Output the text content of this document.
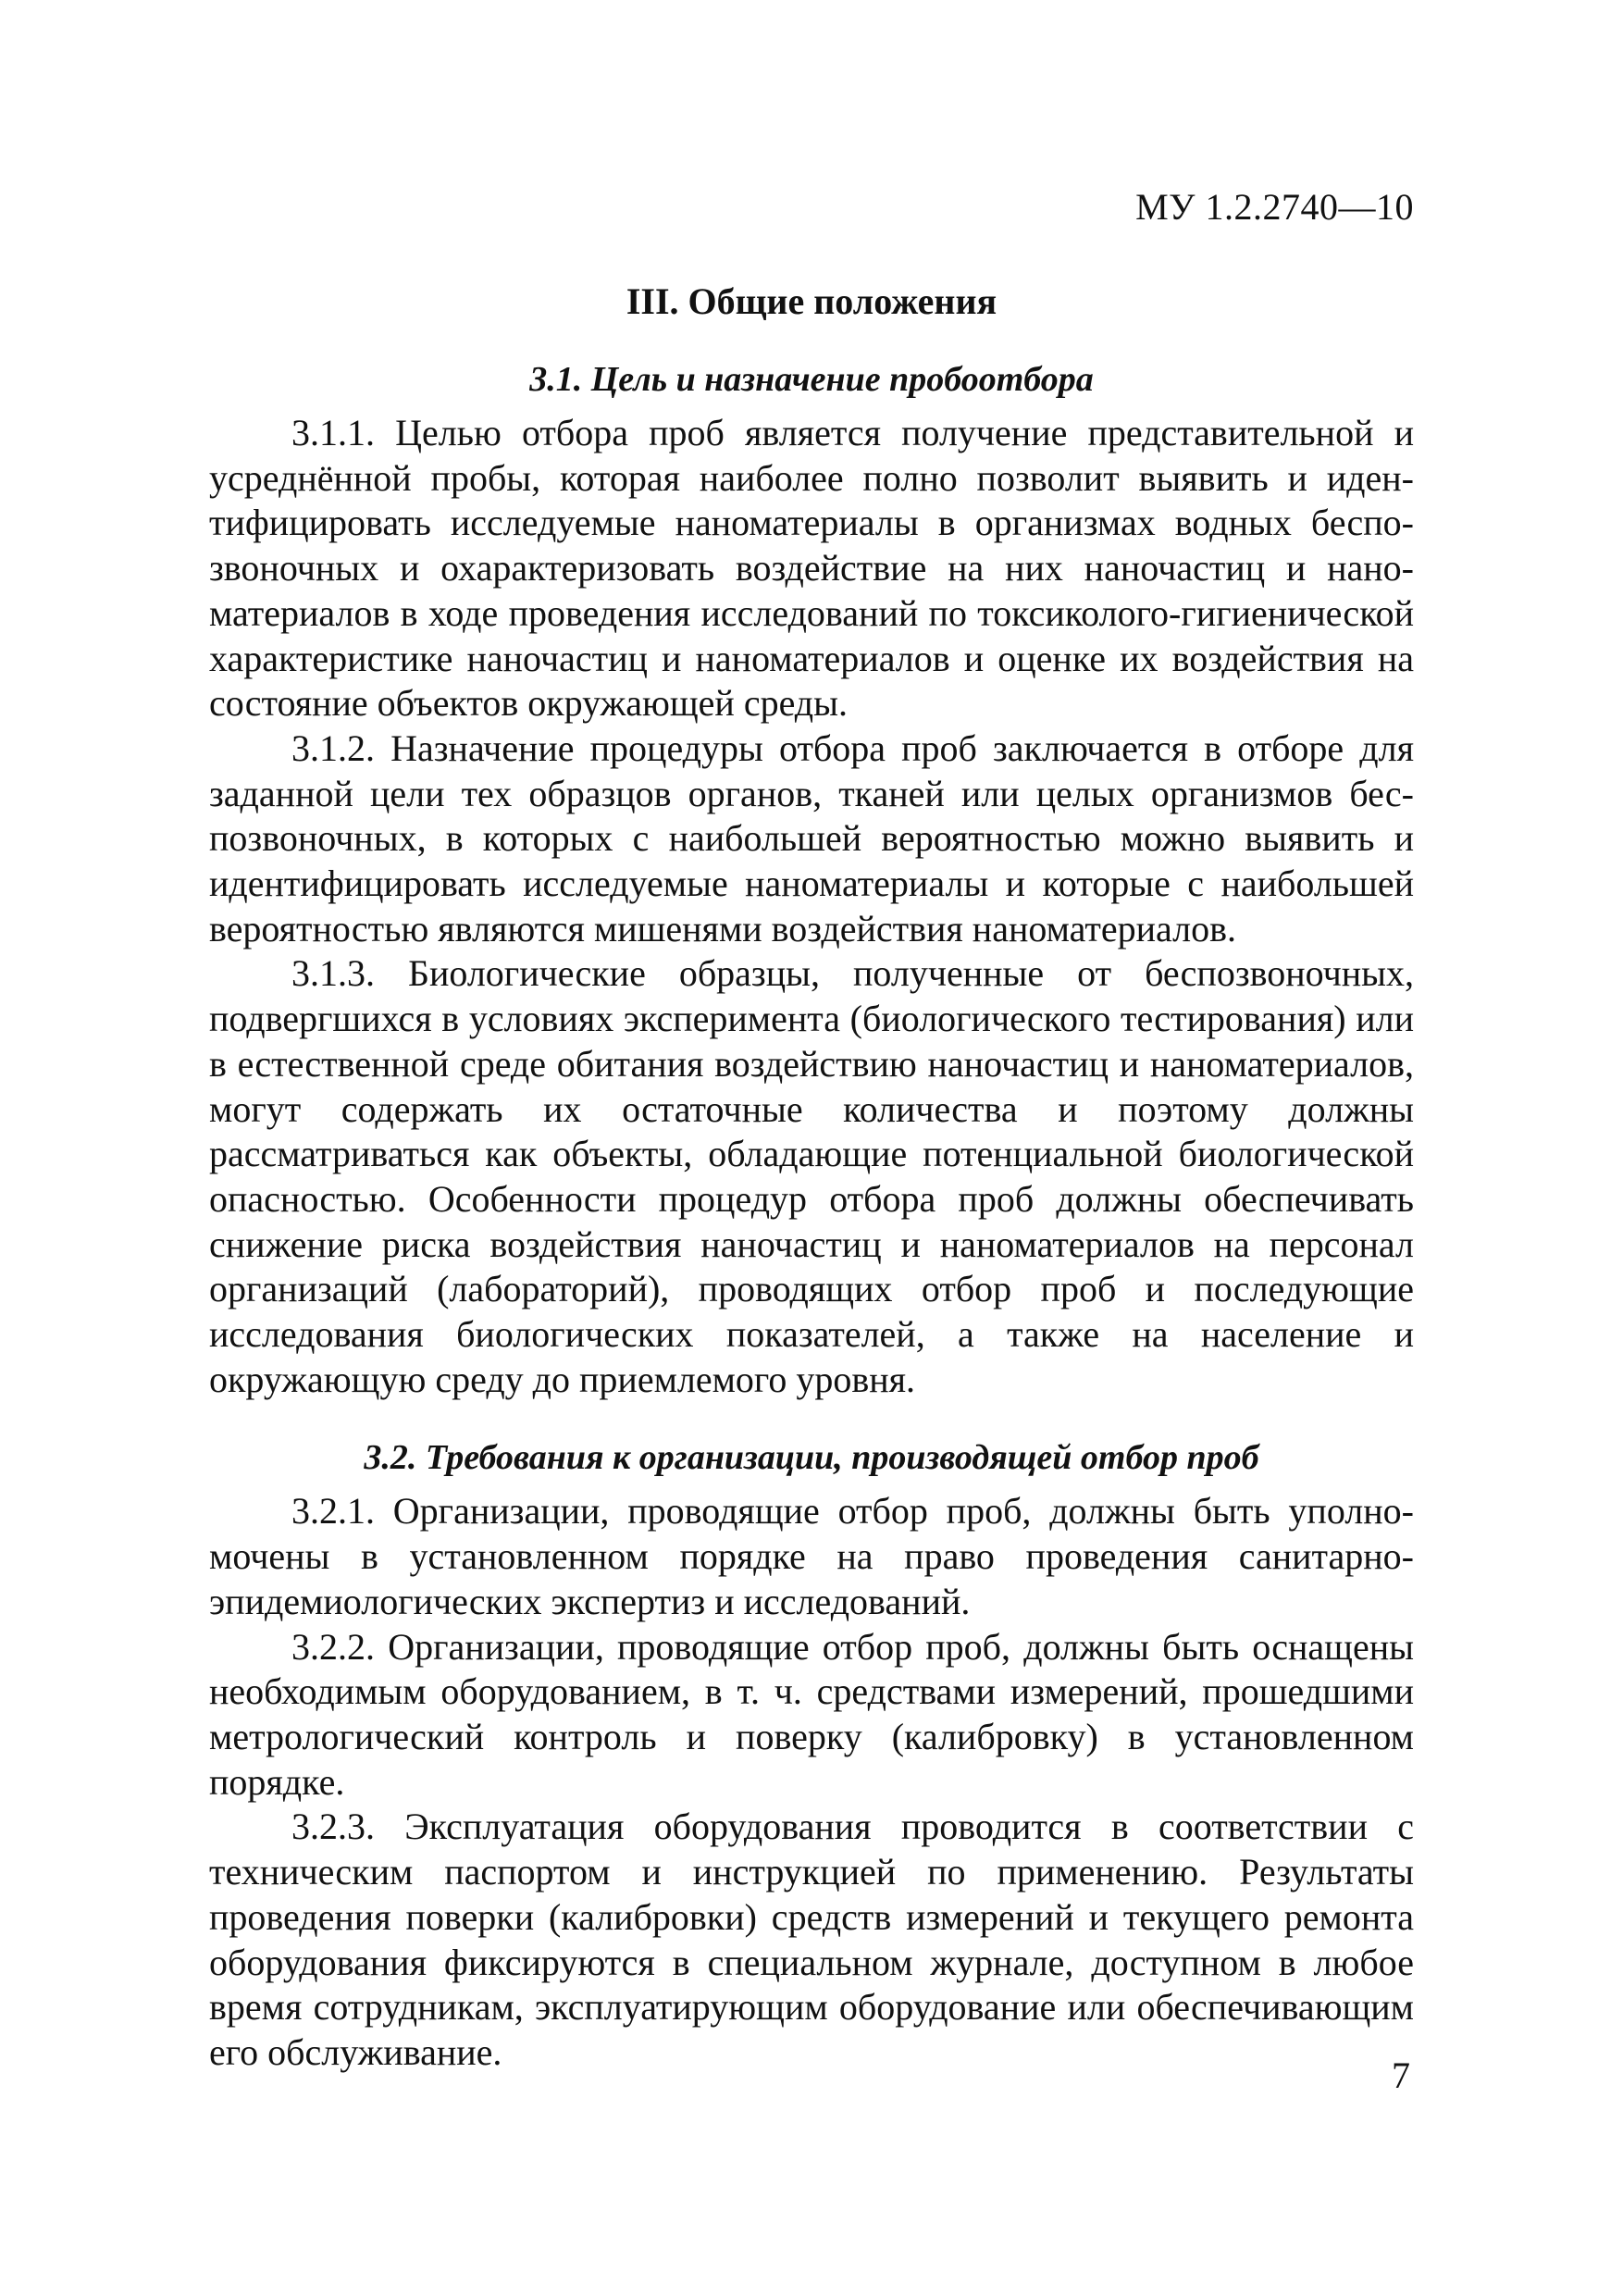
МУ 1.2.2740—10
III. Общие положения
3.1. Цель и назначение пробоотбора

3.1.1. Целью отбора проб является получение представительной и усреднённой пробы, которая наиболее полно позволит выявить и идентифицировать исследуемые наноматериалы в организмах водных беспозвоночных и охарактеризовать воздействие на них наночастиц и наноматериалов в ходе проведения исследований по токсиколого-гигиенической характеристике наночастиц и наноматериалов и оценке их воздействия на состояние объектов окружающей среды.

3.1.2. Назначение процедуры отбора проб заключается в отборе для заданной цели тех образцов органов, тканей или целых организмов беспозвоночных, в которых с наибольшей вероятностью можно выявить и идентифицировать исследуемые наноматериалы и которые с наибольшей вероятностью являются мишенями воздействия наноматериалов.

3.1.3. Биологические образцы, полученные от беспозвоночных, подвергшихся в условиях эксперимента (биологического тестирования) или в естественной среде обитания воздействию наночастиц и наноматериалов, могут содержать их остаточные количества и поэтому должны рассматриваться как объекты, обладающие потенциальной биологической опасностью. Особенности процедур отбора проб должны обеспечивать снижение риска воздействия наночастиц и наноматериалов на персонал организаций (лабораторий), проводящих отбор проб и последующие исследования биологических показателей, а также на население и окружающую среду до приемлемого уровня.

3.2. Требования к организации, производящей отбор проб

3.2.1. Организации, проводящие отбор проб, должны быть уполномочены в установленном порядке на право проведения санитарно-эпидемиологических экспертиз и исследований.

3.2.2. Организации, проводящие отбор проб, должны быть оснащены необходимым оборудованием, в т. ч. средствами измерений, прошедшими метрологический контроль и поверку (калибровку) в установленном порядке.

3.2.3. Эксплуатация оборудования проводится в соответствии с техническим паспортом и инструкцией по применению. Результаты проведения поверки (калибровки) средств измерений и текущего ремонта оборудования фиксируются в специальном журнале, доступном в любое время сотрудникам, эксплуатирующим оборудование или обеспечивающим его обслуживание.

7
